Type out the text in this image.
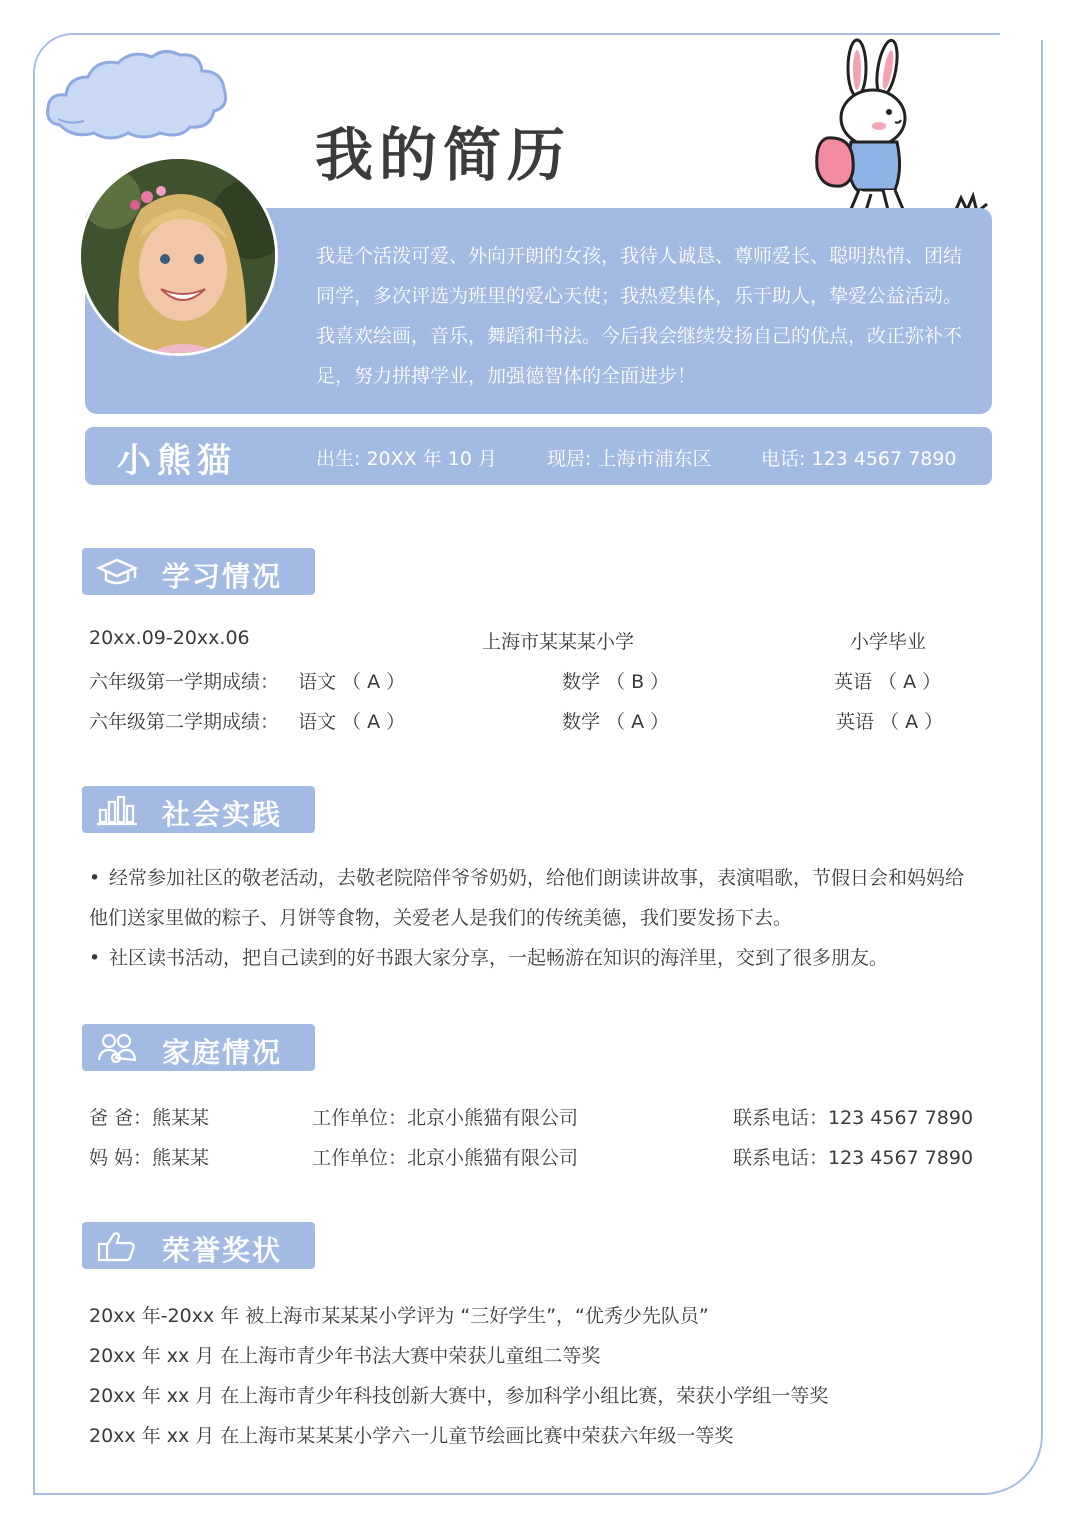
我的简历
我是个活泼可爱、外向开朗的女孩，我待人诚恳、尊师爱长、聪明热情、团结同学，多次评选为班里的爱心天使；我热爱集体，乐于助人，挚爱公益活动。我喜欢绘画，音乐，舞蹈和书法。今后我会继续发扬自己的优点，改正弥补不足，努力拼搏学业，加强德智体的全面进步！
小熊猫	出生: 20XX 年 10 月	现居: 上海市浦东区	电话: 123 4567 7890
学习情况
20xx.09-20xx.06	上海市某某某小学	小学毕业
六年级第一学期成绩： 语文 （ A ）	数学 （ B ）	英语 （ A ）
六年级第二学期成绩： 语文 （ A ）	数学 （ A ）	英语 （ A ）
社会实践
• 经常参加社区的敬老活动，去敬老院陪伴爷爷奶奶，给他们朗读讲故事，表演唱歌，节假日会和妈妈给他们送家里做的粽子、月饼等食物，关爱老人是我们的传统美德，我们要发扬下去。
• 社区读书活动，把自己读到的好书跟大家分享，一起畅游在知识的海洋里，交到了很多朋友。
家庭情况
爸 爸：熊某某	工作单位：北京小熊猫有限公司	联系电话：123 4567 7890
妈 妈：熊某某	工作单位：北京小熊猫有限公司	联系电话：123 4567 7890
荣誉奖状
20xx 年-20xx 年 被上海市某某某小学评为 “三好学生”，“优秀少先队员”
20xx 年 xx 月 在上海市青少年书法大赛中荣获儿童组二等奖
20xx 年 xx 月 在上海市青少年科技创新大赛中，参加科学小组比赛，荣获小学组一等奖
20xx 年 xx 月 在上海市某某某小学六一儿童节绘画比赛中荣获六年级一等奖
